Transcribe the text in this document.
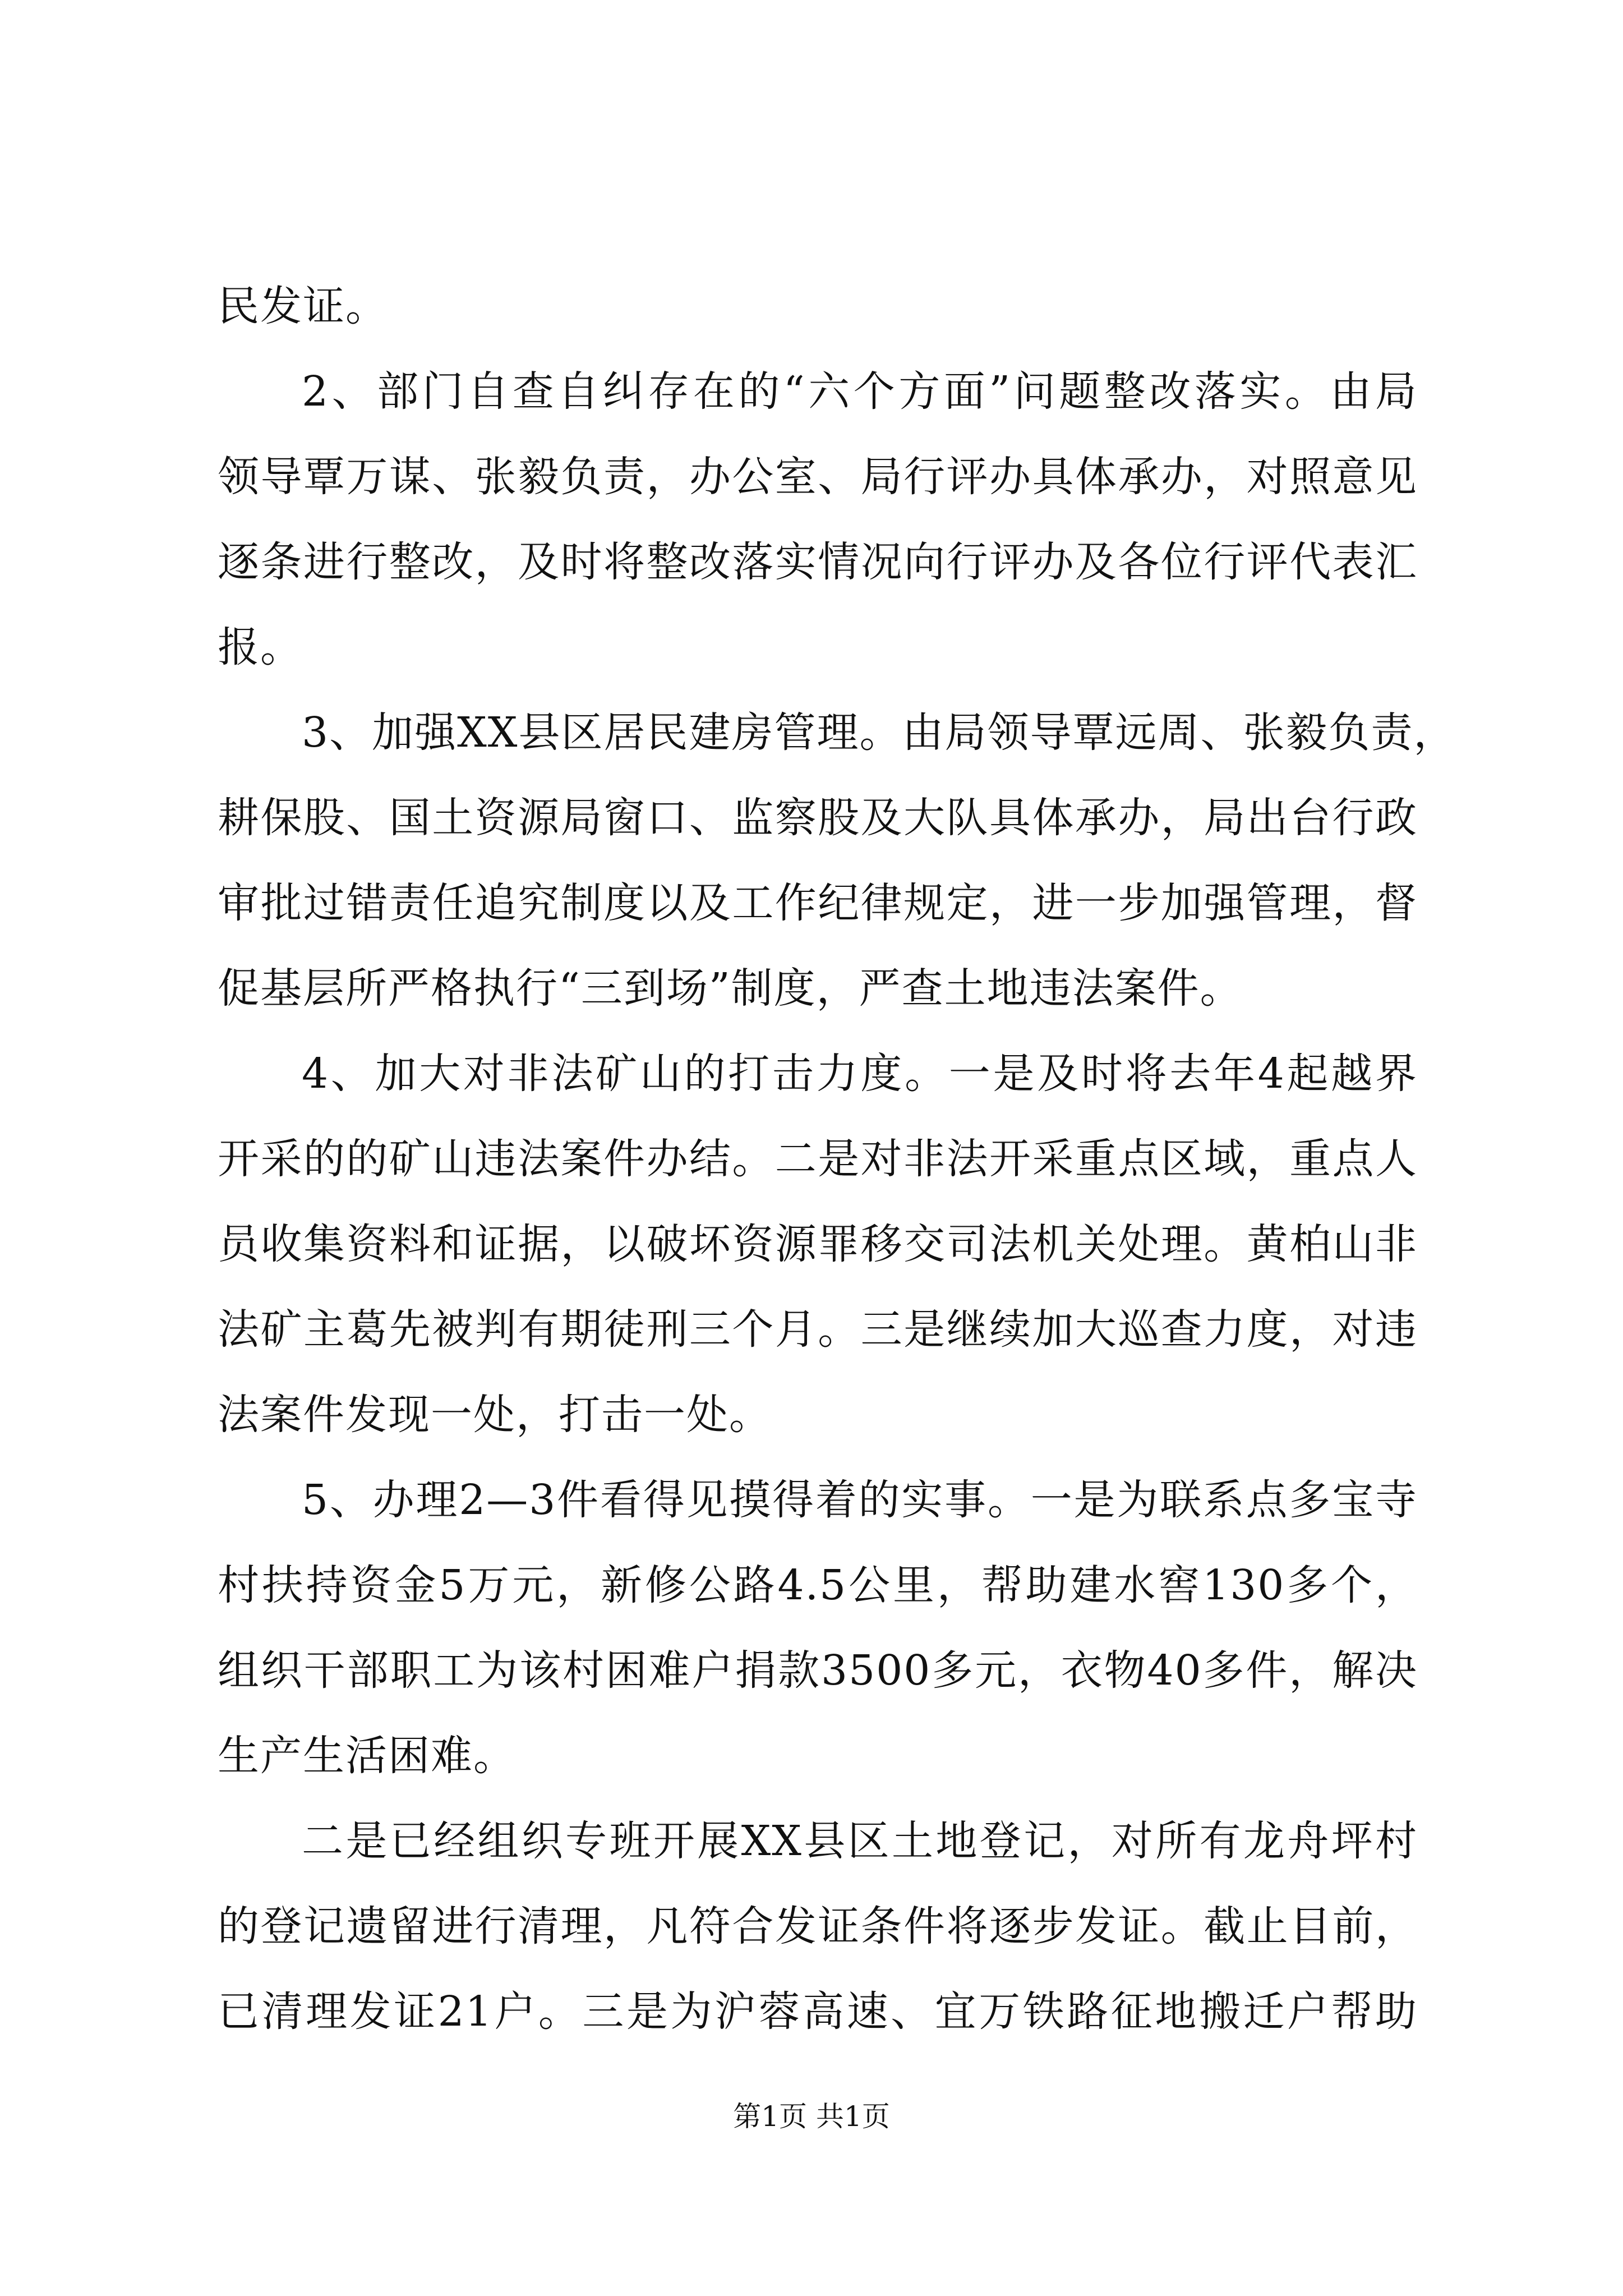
民发证。
2、部门自查自纠存在的“六个方面”问题整改落实。由局
领导覃万谋、张毅负责，办公室、局行评办具体承办，对照意见
逐条进行整改，及时将整改落实情况向行评办及各位行评代表汇
报。
3、加强XX县区居民建房管理。由局领导覃远周、张毅负责，
耕保股、国土资源局窗口、监察股及大队具体承办，局出台行政
审批过错责任追究制度以及工作纪律规定，进一步加强管理，督
促基层所严格执行“三到场”制度，严查土地违法案件。
4、加大对非法矿山的打击力度。一是及时将去年4起越界
开采的的矿山违法案件办结。二是对非法开采重点区域，重点人
员收集资料和证据，以破坏资源罪移交司法机关处理。黄柏山非
法矿主葛先被判有期徒刑三个月。三是继续加大巡查力度，对违
法案件发现一处，打击一处。
5、办理2—3件看得见摸得着的实事。一是为联系点多宝寺
村扶持资金5万元，新修公路4.5公里，帮助建水窖130多个，
组织干部职工为该村困难户捐款3500多元，衣物40多件，解决
生产生活困难。
二是已经组织专班开展XX县区土地登记，对所有龙舟坪村
的登记遗留进行清理，凡符合发证条件将逐步发证。截止目前，
已清理发证21户。三是为沪蓉高速、宜万铁路征地搬迁户帮助
第1页 共1页
